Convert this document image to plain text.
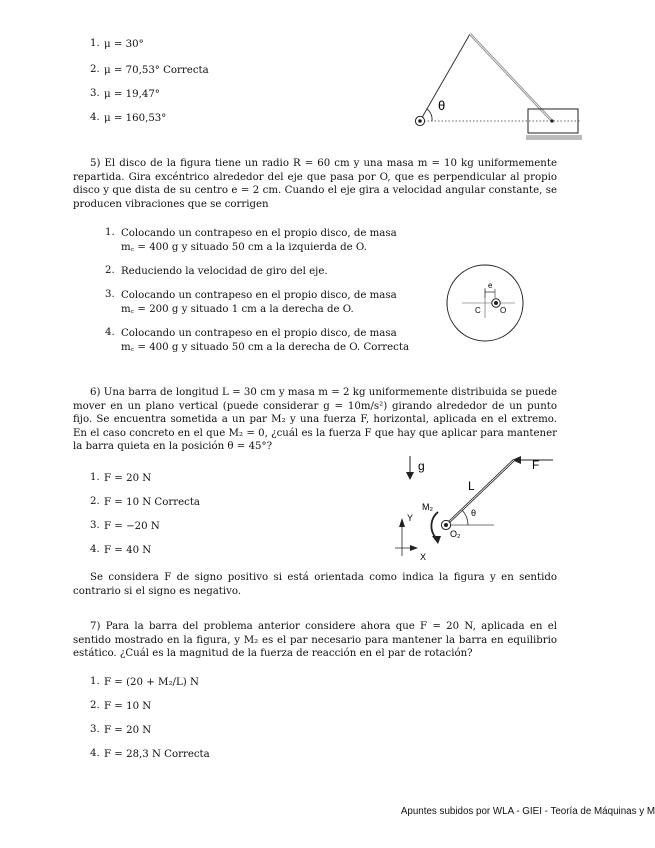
1. μ = 30°
2. μ = 70,53° Correcta
3. μ = 19,47°
4. μ = 160,53°
θ
5) El disco de la figura tiene un radio R = 60 cm y una masa m = 10 kg uniformemente repartida. Gira excéntrico alrededor del eje que pasa por O, que es perpendicular al propio disco y que dista de su centro e = 2 cm. Cuando el eje gira a velocidad angular constante, se producen vibraciones que se corrigen
1. Colocando un contrapeso en el propio disco, de masa
m꜀ = 400 g y situado 50 cm a la izquierda de O.
2. Reduciendo la velocidad de giro del eje.
3. Colocando un contrapeso en el propio disco, de masa
m꜀ = 200 g y situado 1 cm a la derecha de O.
4. Colocando un contrapeso en el propio disco, de masa
m꜀ = 400 g y situado 50 cm a la derecha de O. Correcta
e
C O
6) Una barra de longitud L = 30 cm y masa m = 2 kg uniformemente distribuida se puede mover en un plano vertical (puede considerar g = 10m/s²) girando alrededor de un punto fijo. Se encuentra sometida a un par M₂ y una fuerza F, horizontal, aplicada en el extremo. En el caso concreto en el que M₂ = 0, ¿cuál es la fuerza F que hay que aplicar para mantener la barra quieta en la posición θ = 45°?
1. F = 20 N
2. F = 10 N Correcta
3. F = −20 N
4. F = 40 N
g	F
L
θ
M₂
O₂
Y
X
Se considera F de signo positivo si está orientada como indica la figura y en sentido contrario si el signo es negativo.
7) Para la barra del problema anterior considere ahora que F = 20 N, aplicada en el sentido mostrado en la figura, y M₂ es el par necesario para mantener la barra en equilibrio estático. ¿Cuál es la magnitud de la fuerza de reacción en el par de rotación?
1. F = (20 + M₂/L) N
2. F = 10 N
3. F = 20 N
4. F = 28,3 N Correcta
Apuntes subidos por WLA - GIEI - Teoría de Máquinas y M
